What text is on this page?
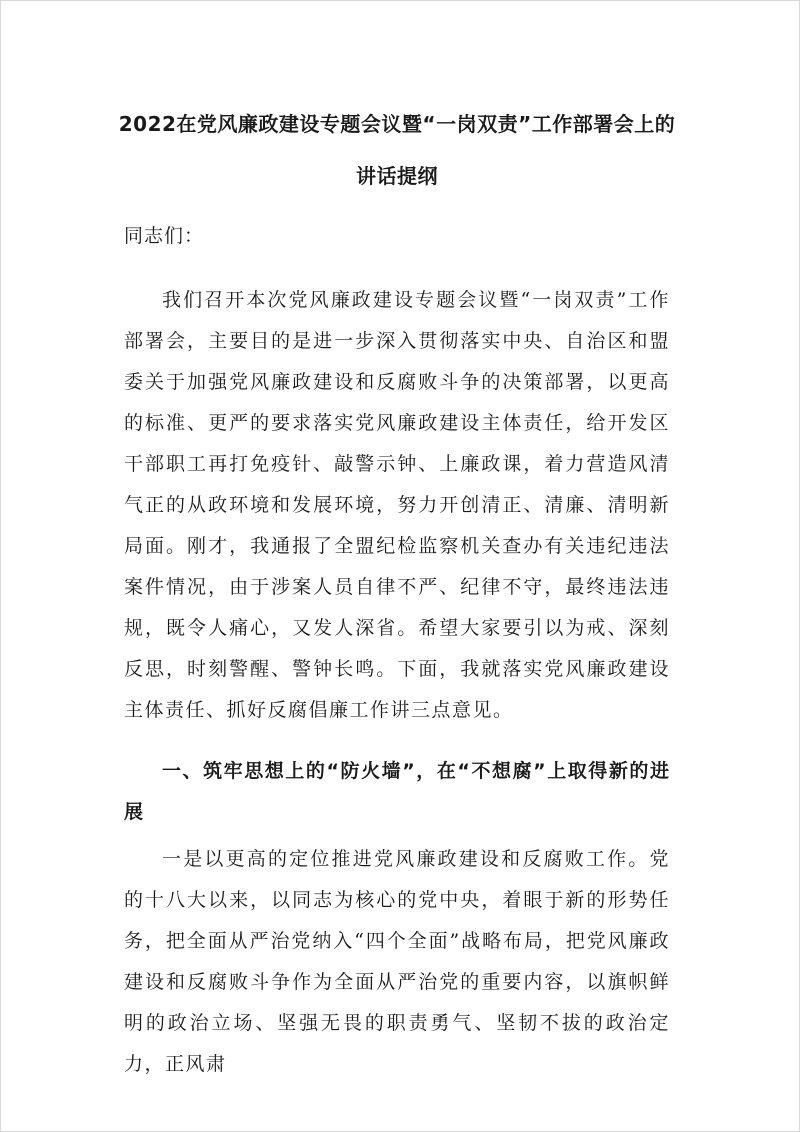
2022在党风廉政建设专题会议暨“一岗双责”工作部署会上的讲话提纲
同志们：

我们召开本次党风廉政建设专题会议暨“一岗双责”工作部署会，主要目的是进一步深入贯彻落实中央、自治区和盟委关于加强党风廉政建设和反腐败斗争的决策部署，以更高的标准、更严的要求落实党风廉政建设主体责任，给开发区干部职工再打免疫针、敲警示钟、上廉政课，着力营造风清气正的从政环境和发展环境，努力开创清正、清廉、清明新局面。刚才，我通报了全盟纪检监察机关查办有关违纪违法案件情况，由于涉案人员自律不严、纪律不守，最终违法违规，既令人痛心，又发人深省。希望大家要引以为戒、深刻反思，时刻警醒、警钟长鸣。下面，我就落实党风廉政建设主体责任、抓好反腐倡廉工作讲三点意见。

一、筑牢思想上的“防火墙”，在“不想腐”上取得新的进展

一是以更高的定位推进党风廉政建设和反腐败工作。党的十八大以来，以同志为核心的党中央，着眼于新的形势任务，把全面从严治党纳入“四个全面”战略布局，把党风廉政建设和反腐败斗争作为全面从严治党的重要内容，以旗帜鲜明的政治立场、坚强无畏的职责勇气、坚韧不拔的政治定力，正风肃
